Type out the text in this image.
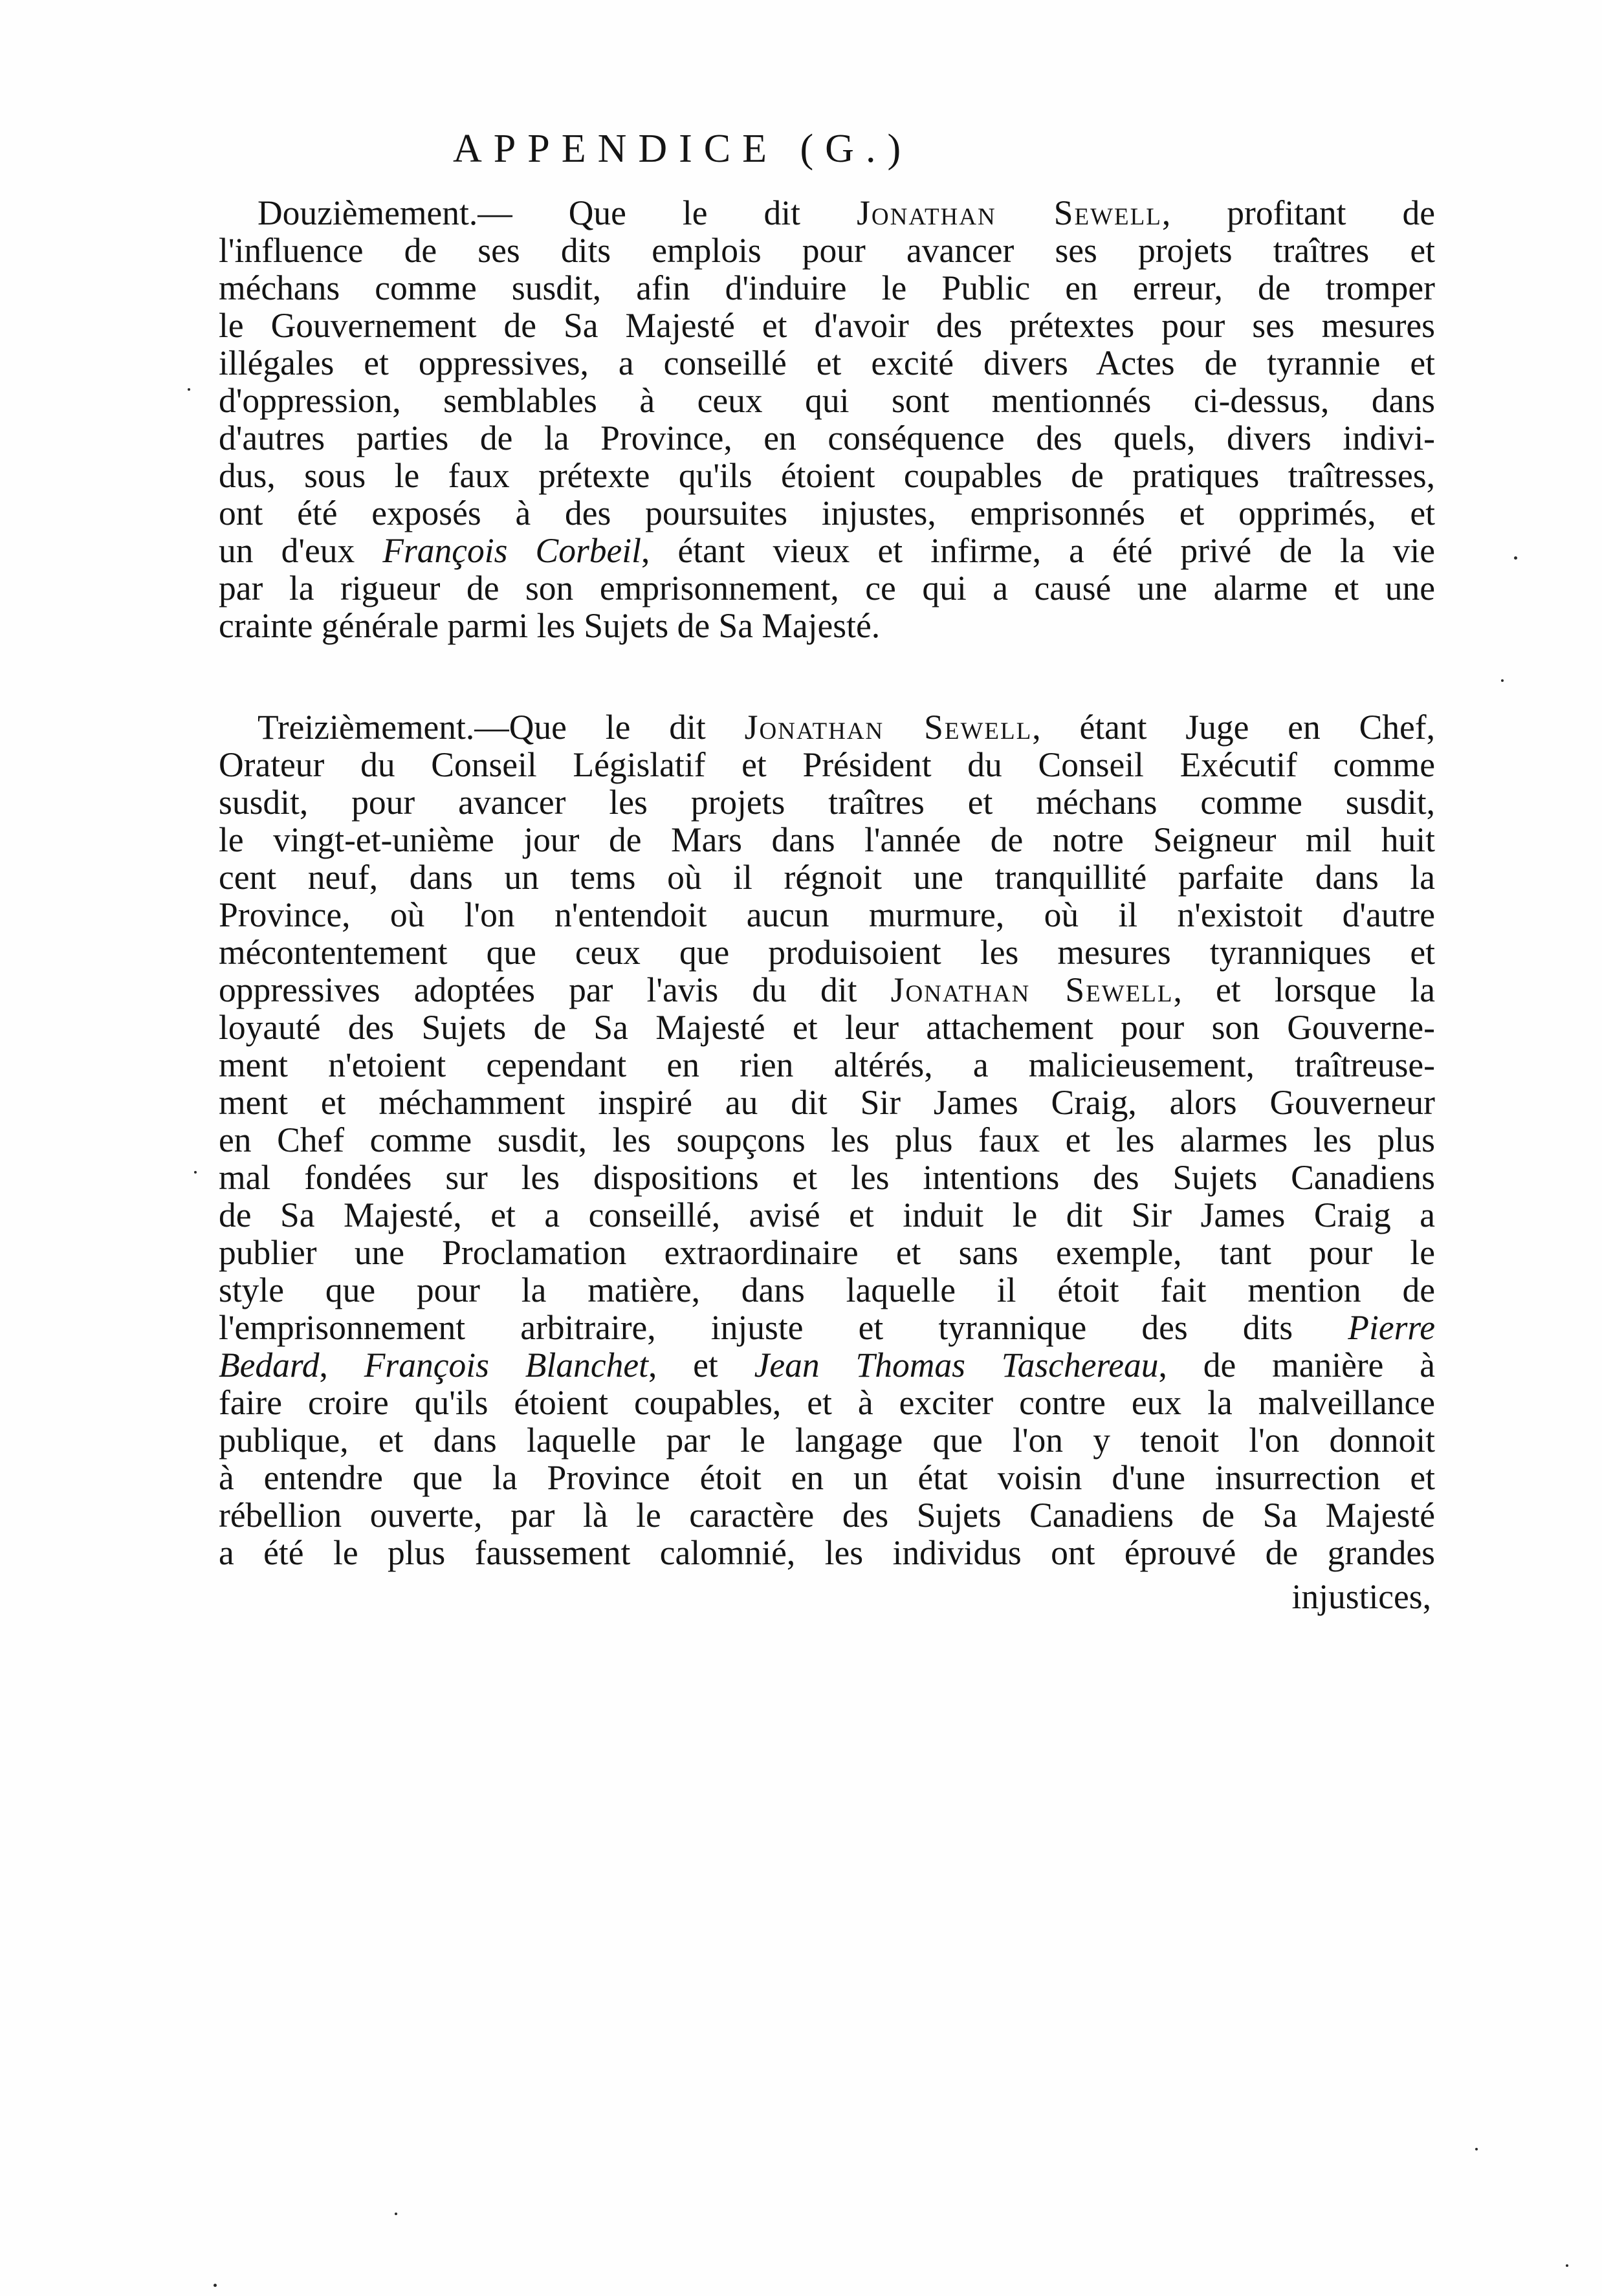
APPENDICE (G.)
Douzièmement.— Que le dit Jonathan Sewell, profitant de
l'influence de ses dits emplois pour avancer ses projets traîtres et
méchans comme susdit, afin d'induire le Public en erreur, de tromper
le Gouvernement de Sa Majesté et d'avoir des prétextes pour ses mesures
illégales et oppressives, a conseillé et excité divers Actes de tyrannie et
d'oppression, semblables à ceux qui sont mentionnés ci-dessus, dans
d'autres parties de la Province, en conséquence des quels, divers indivi-
dus, sous le faux prétexte qu'ils étoient coupables de pratiques traîtresses,
ont été exposés à des poursuites injustes, emprisonnés et opprimés, et
un d'eux François Corbeil, étant vieux et infirme, a été privé de la vie
par la rigueur de son emprisonnement, ce qui a causé une alarme et une
crainte générale parmi les Sujets de Sa Majesté.
Treizièmement.—Que le dit Jonathan Sewell, étant Juge en Chef,
Orateur du Conseil Législatif et Président du Conseil Exécutif comme
susdit, pour avancer les projets traîtres et méchans comme susdit,
le vingt-et-unième jour de Mars dans l'année de notre Seigneur mil huit
cent neuf, dans un tems où il régnoit une tranquillité parfaite dans la
Province, où l'on n'entendoit aucun murmure, où il n'existoit d'autre
mécontentement que ceux que produisoient les mesures tyranniques et
oppressives adoptées par l'avis du dit Jonathan Sewell, et lorsque la
loyauté des Sujets de Sa Majesté et leur attachement pour son Gouverne-
ment n'etoient cependant en rien altérés, a malicieusement, traîtreuse-
ment et méchamment inspiré au dit Sir James Craig, alors Gouverneur
en Chef comme susdit, les soupçons les plus faux et les alarmes les plus
mal fondées sur les dispositions et les intentions des Sujets Canadiens
de Sa Majesté, et a conseillé, avisé et induit le dit Sir James Craig a
publier une Proclamation extraordinaire et sans exemple, tant pour le
style que pour la matière, dans laquelle il étoit fait mention de
l'emprisonnement arbitraire, injuste et tyrannique des dits Pierre
Bedard, François Blanchet, et Jean Thomas Taschereau, de manière à
faire croire qu'ils étoient coupables, et à exciter contre eux la malveillance
publique, et dans laquelle par le langage que l'on y tenoit l'on donnoit
à entendre que la Province étoit en un état voisin d'une insurrection et
rébellion ouverte, par là le caractère des Sujets Canadiens de Sa Majesté
a été le plus faussement calomnié, les individus ont éprouvé de grandes
injustices,
